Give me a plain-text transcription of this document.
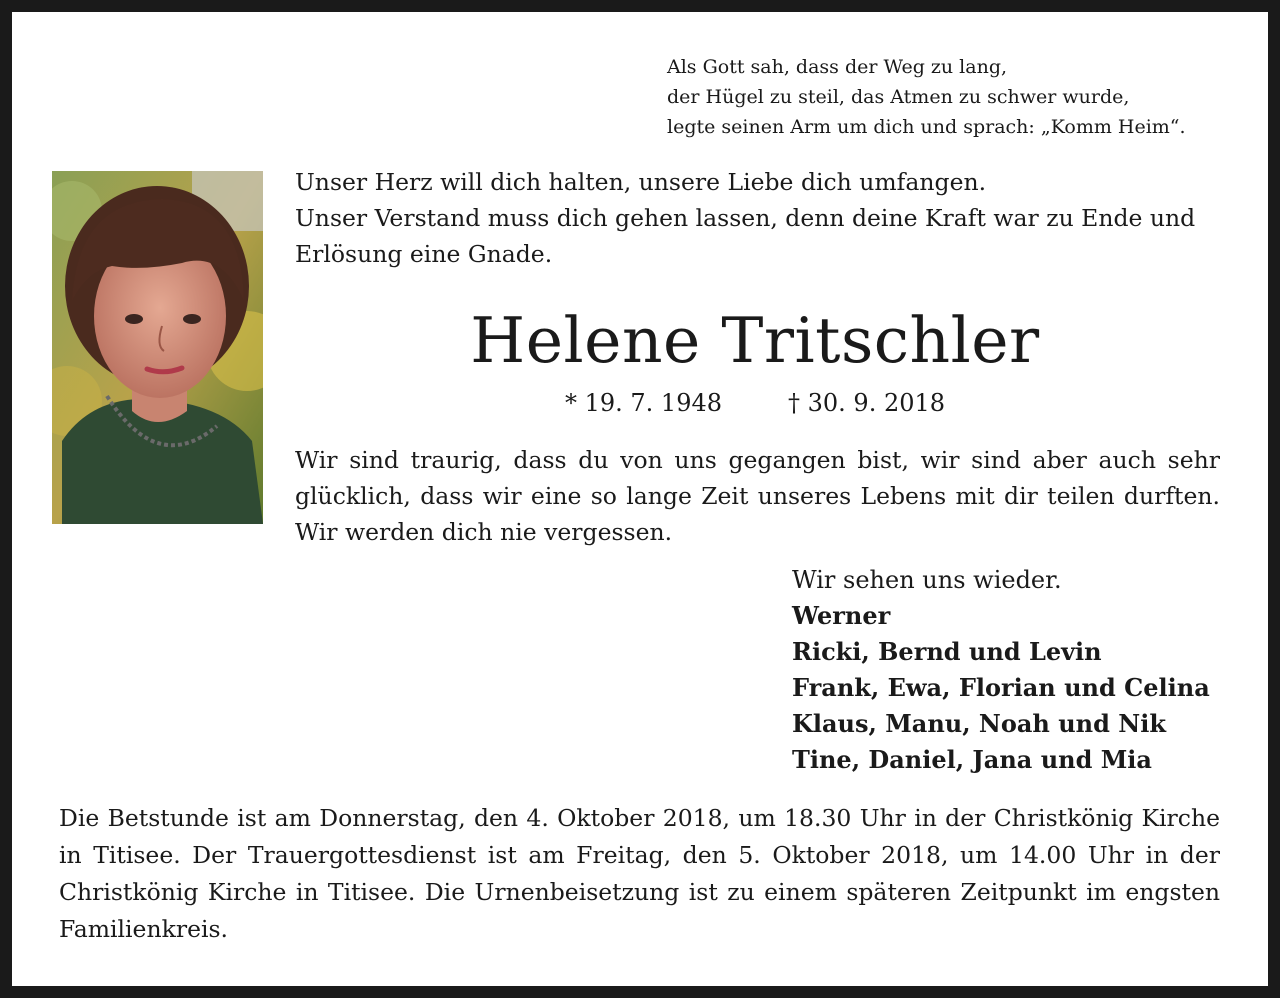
Als Gott sah, dass der Weg zu lang,
der Hügel zu steil, das Atmen zu schwer wurde,
legte seinen Arm um dich und sprach: „Komm Heim“.
Unser Herz will dich halten, unsere Liebe dich umfangen.
Unser Verstand muss dich gehen lassen, denn deine Kraft war zu Ende und
Erlösung eine Gnade.
Helene Tritschler
* 19. 7. 1948	† 30. 9. 2018
Wir sind traurig, dass du von uns gegangen bist, wir sind aber auch sehr glücklich, dass wir eine so lange Zeit unseres Lebens mit dir teilen durften. Wir werden dich nie vergessen.
Wir sehen uns wieder.
Werner
Ricki, Bernd und Levin
Frank, Ewa, Florian und Celina
Klaus, Manu, Noah und Nik
Tine, Daniel, Jana und Mia
Die Betstunde ist am Donnerstag, den 4. Oktober 2018, um 18.30 Uhr in der Christkönig Kirche in Titisee. Der Trauergottesdienst ist am Freitag, den 5. Oktober 2018, um 14.00 Uhr in der Christkönig Kirche in Titisee. Die Urnenbeisetzung ist zu einem späteren Zeitpunkt im engsten Familienkreis.
